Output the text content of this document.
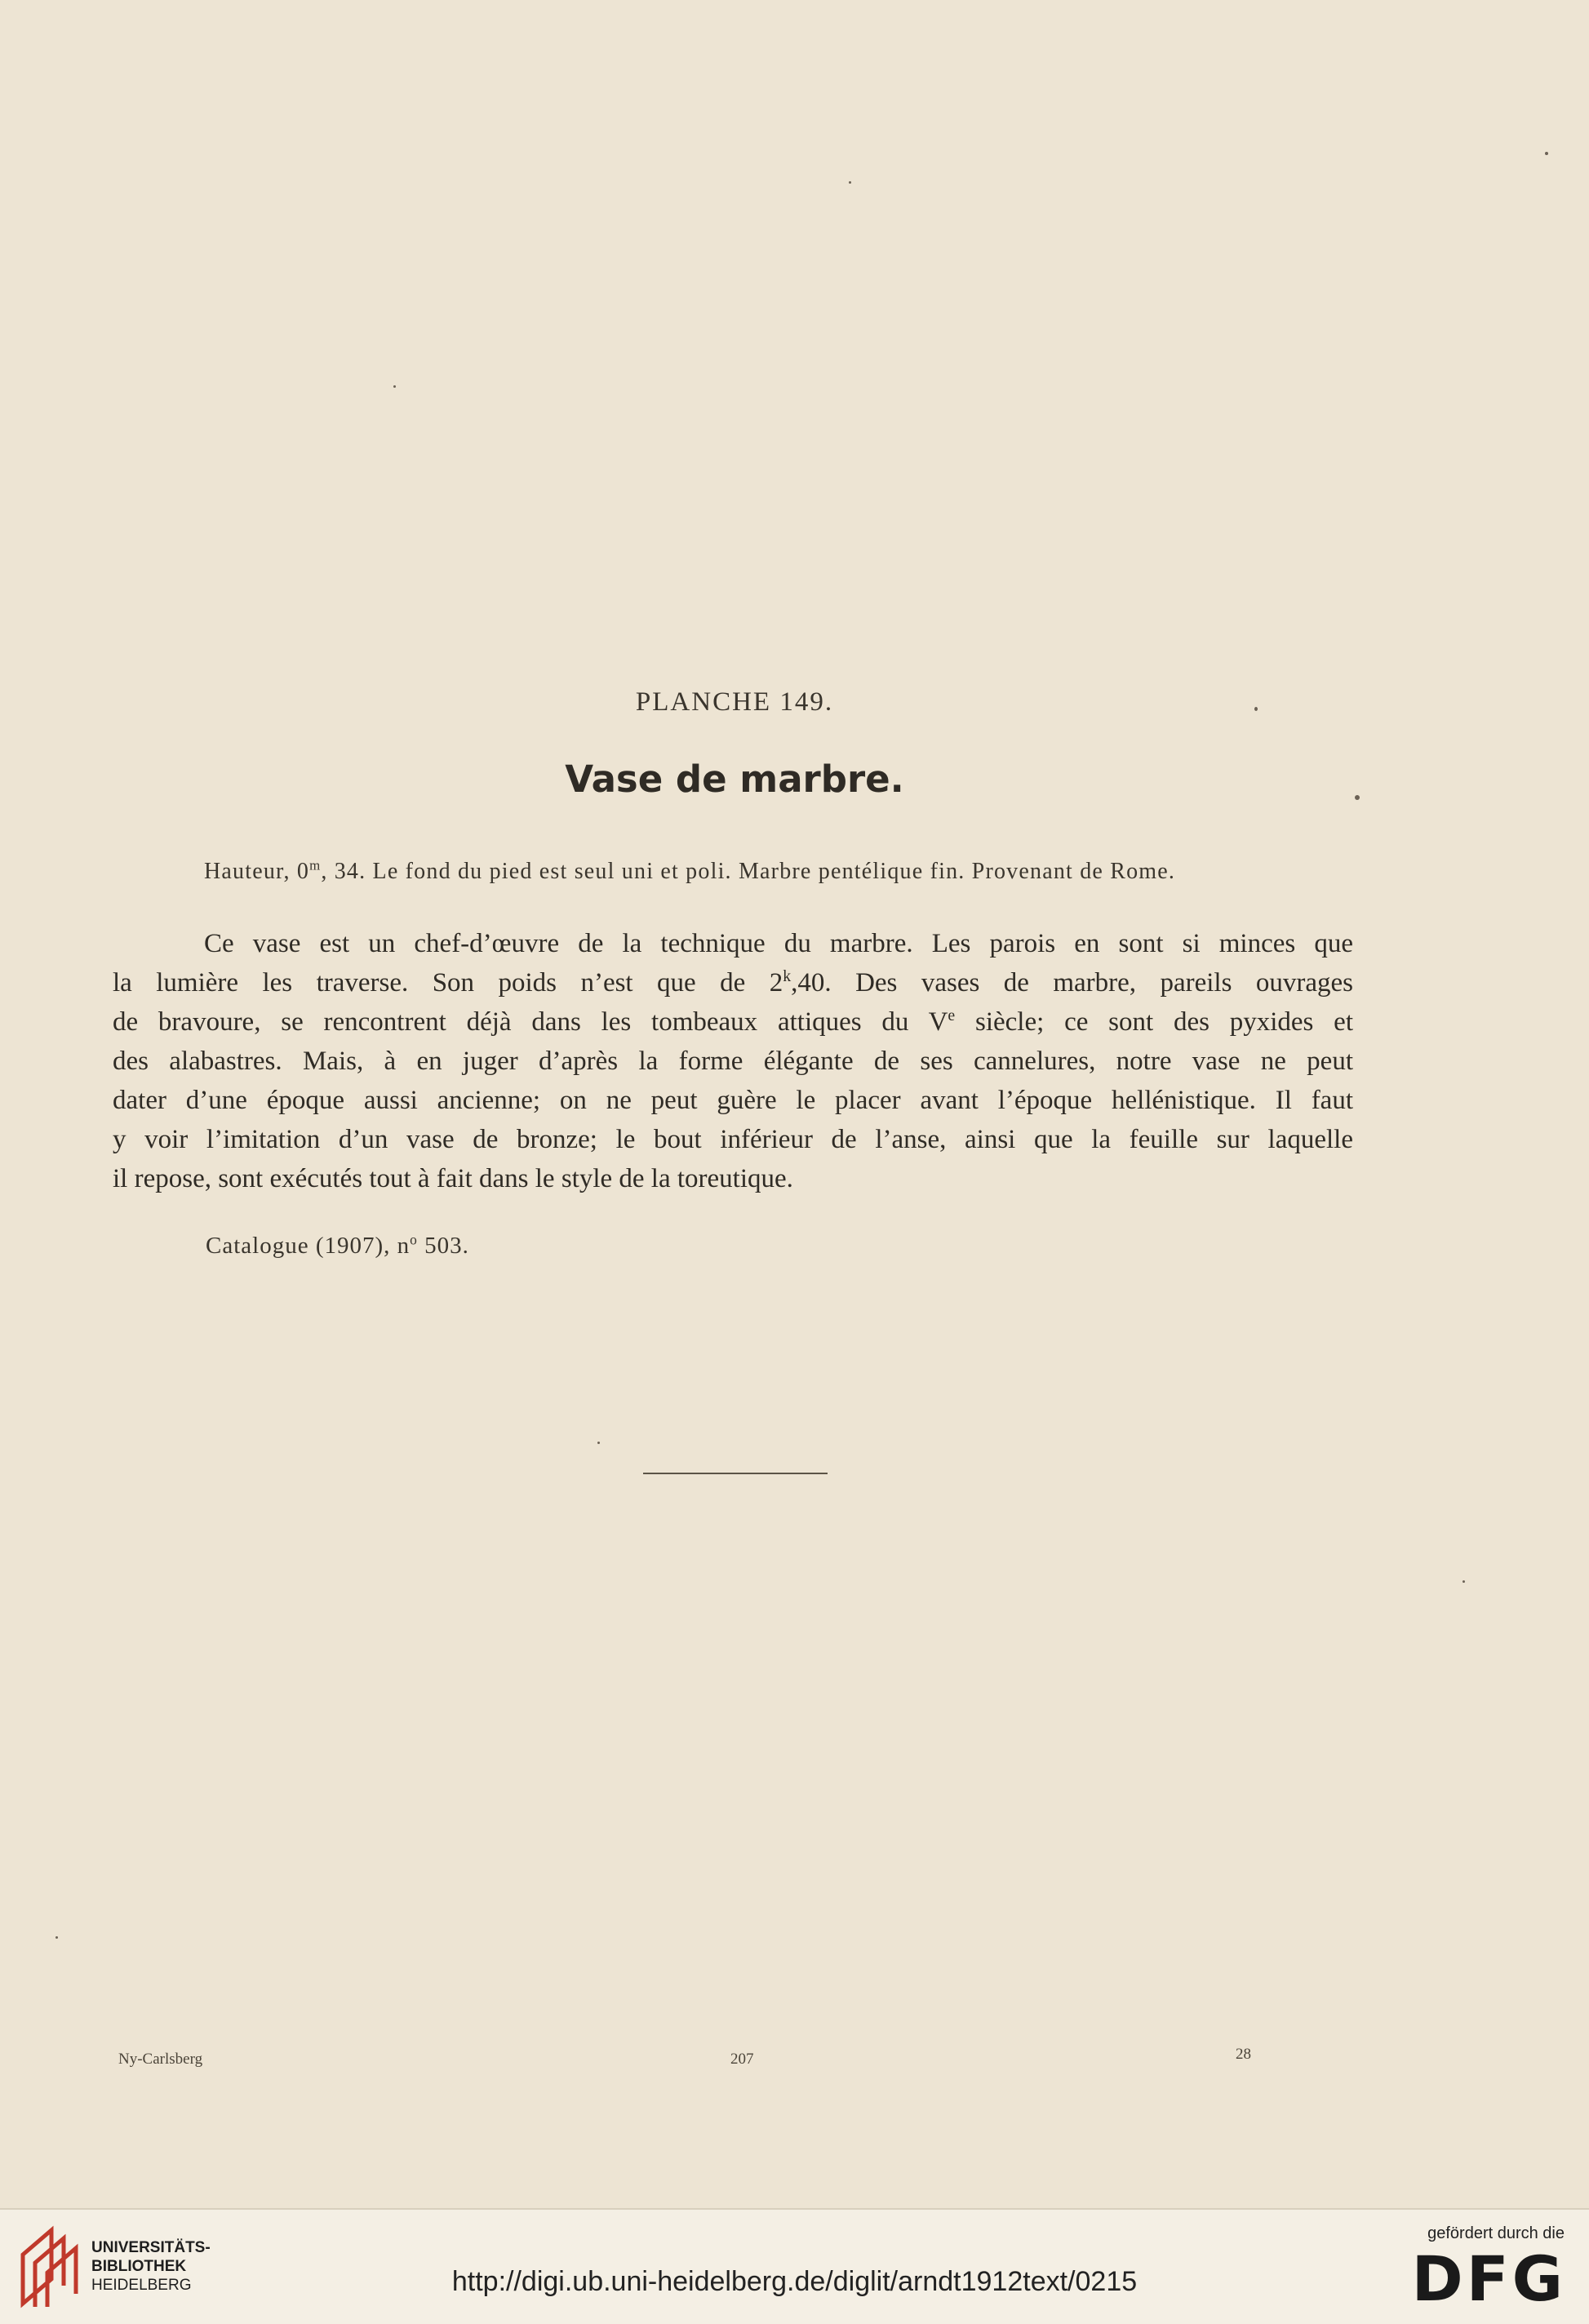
PLANCHE 149.
Vase de marbre.
Hauteur, 0$^m$, 34. Le fond du pied est seul uni et poli. Marbre pentélique fin. Provenant de Rome.
Ce vase est un chef-d’œuvre de la technique du marbre. Les parois en sont si minces que
la lumière les traverse. Son poids n’est que de 2$^k$,40. Des vases de marbre, pareils ouvrages
de bravoure, se rencontrent déjà dans les tombeaux attiques du Ve siècle; ce sont des pyxides et
des alabastres. Mais, à en juger d’après la forme élégante de ses cannelures, notre vase ne peut
dater d’une époque aussi ancienne; on ne peut guère le placer avant l’époque hellénistique. Il faut
y voir l’imitation d’un vase de bronze; le bout inférieur de l’anse, ainsi que la feuille sur laquelle
il repose, sont exécutés tout à fait dans le style de la toreutique.
Catalogue (1907), $n^o$ 503.
Ny-Carlsberg	207	28
UNIVERSITÄTS-
BIBLIOTHEK
HEIDELBERG	http://digi.ub.uni-heidelberg.de/diglit/arndt1912text/0215
gefördert durch die
DFG
